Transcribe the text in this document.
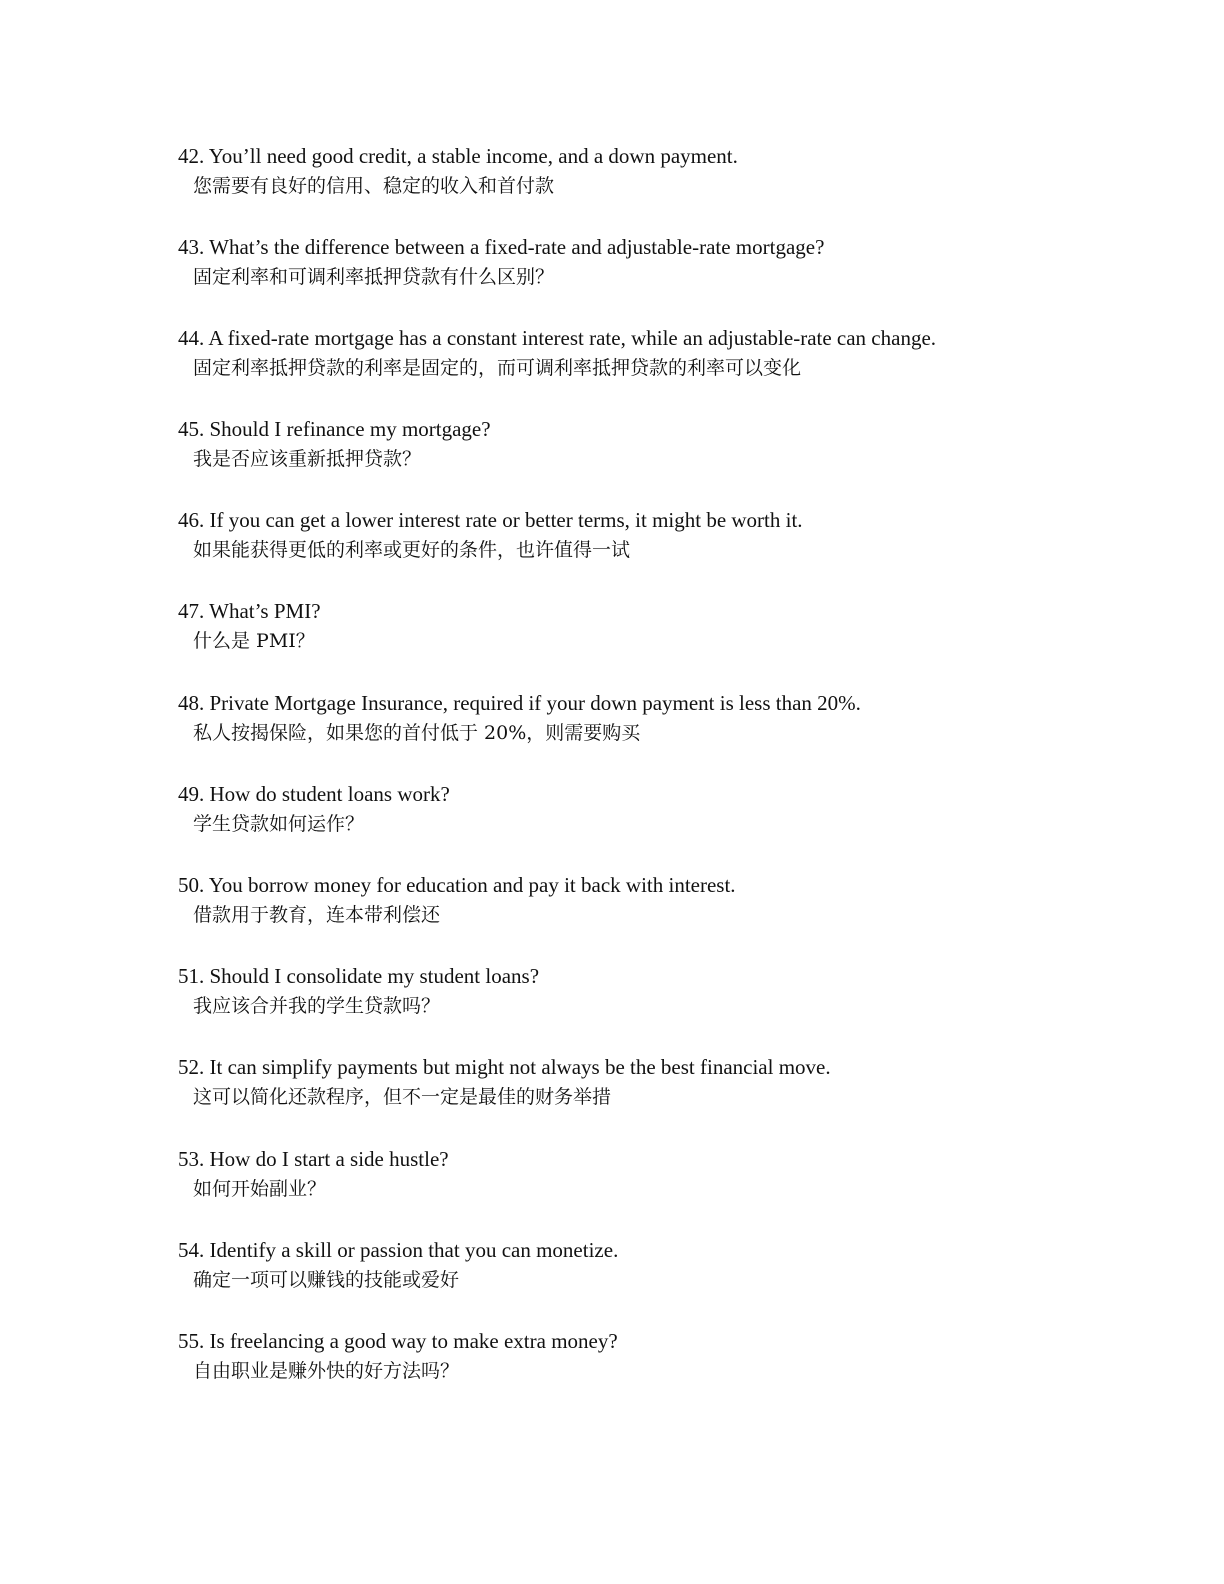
42. You’ll need good credit, a stable income, and a down payment.
您需要有良好的信用、稳定的收入和首付款
43. What’s the difference between a fixed-rate and adjustable-rate mortgage?
固定利率和可调利率抵押贷款有什么区别？
44. A fixed-rate mortgage has a constant interest rate, while an adjustable-rate can change.
固定利率抵押贷款的利率是固定的，而可调利率抵押贷款的利率可以变化
45. Should I refinance my mortgage?
我是否应该重新抵押贷款？
46. If you can get a lower interest rate or better terms, it might be worth it.
如果能获得更低的利率或更好的条件，也许值得一试
47. What’s PMI?
什么是 PMI？
48. Private Mortgage Insurance, required if your down payment is less than 20%.
私人按揭保险，如果您的首付低于 20%，则需要购买
49. How do student loans work?
学生贷款如何运作？
50. You borrow money for education and pay it back with interest.
借款用于教育，连本带利偿还
51. Should I consolidate my student loans?
我应该合并我的学生贷款吗？
52. It can simplify payments but might not always be the best financial move.
这可以简化还款程序，但不一定是最佳的财务举措
53. How do I start a side hustle?
如何开始副业？
54. Identify a skill or passion that you can monetize.
确定一项可以赚钱的技能或爱好
55. Is freelancing a good way to make extra money?
自由职业是赚外快的好方法吗？
